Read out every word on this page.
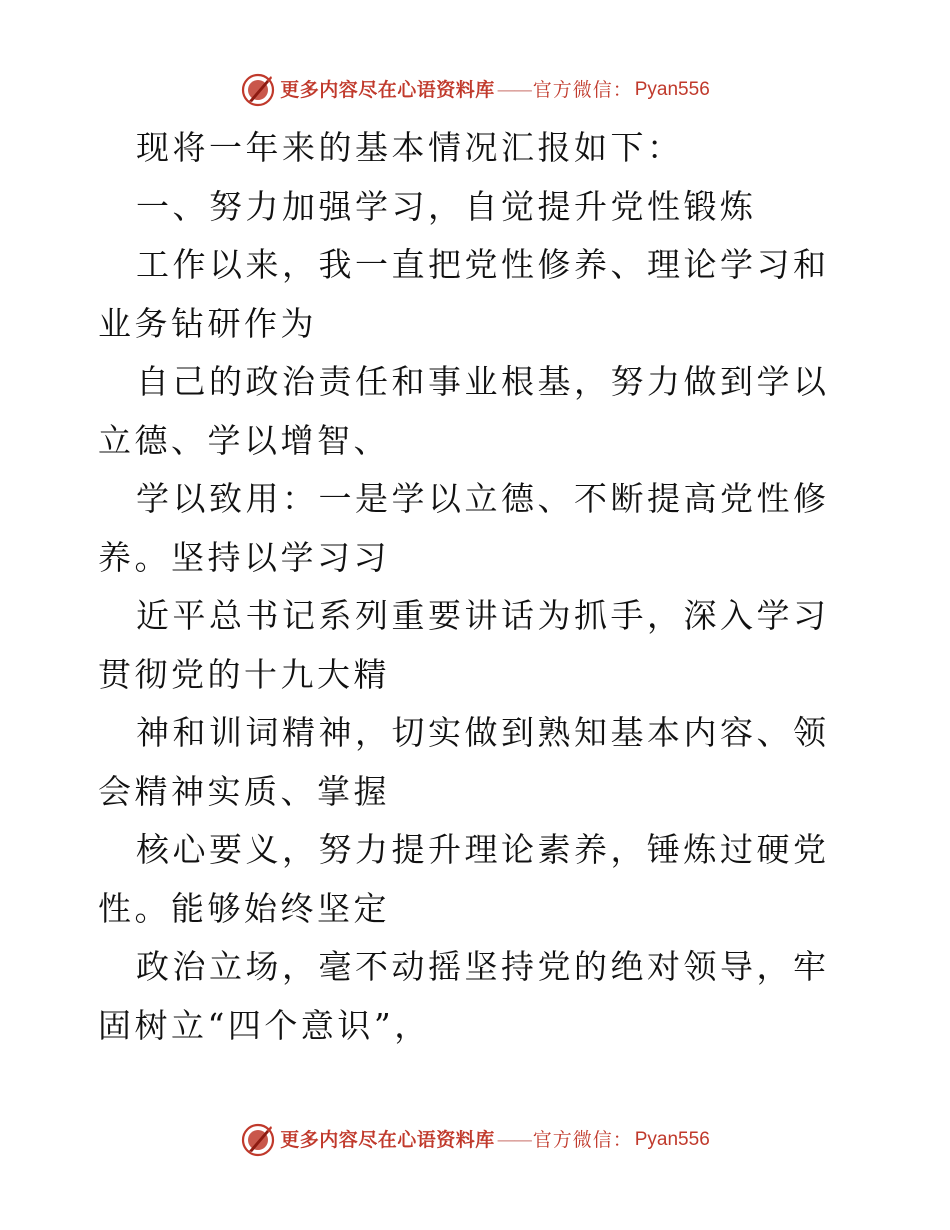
更多内容尽在心语资料库 —— 官方微信： Pyan556

现将一年来的基本情况汇报如下：

一、努力加强学习，自觉提升党性锻炼

工作以来，我一直把党性修养、理论学习和业务钻研作为

自己的政治责任和事业根基，努力做到学以立德、学以增智、

学以致用：一是学以立德、不断提高党性修养。坚持以学习习

近平总书记系列重要讲话为抓手，深入学习贯彻党的十九大精

神和训词精神，切实做到熟知基本内容、领会精神实质、掌握

核心要义，努力提升理论素养，锤炼过硬党性。能够始终坚定

政治立场，毫不动摇坚持党的绝对领导，牢固树立“四个意识”，

更多内容尽在心语资料库 —— 官方微信： Pyan556
